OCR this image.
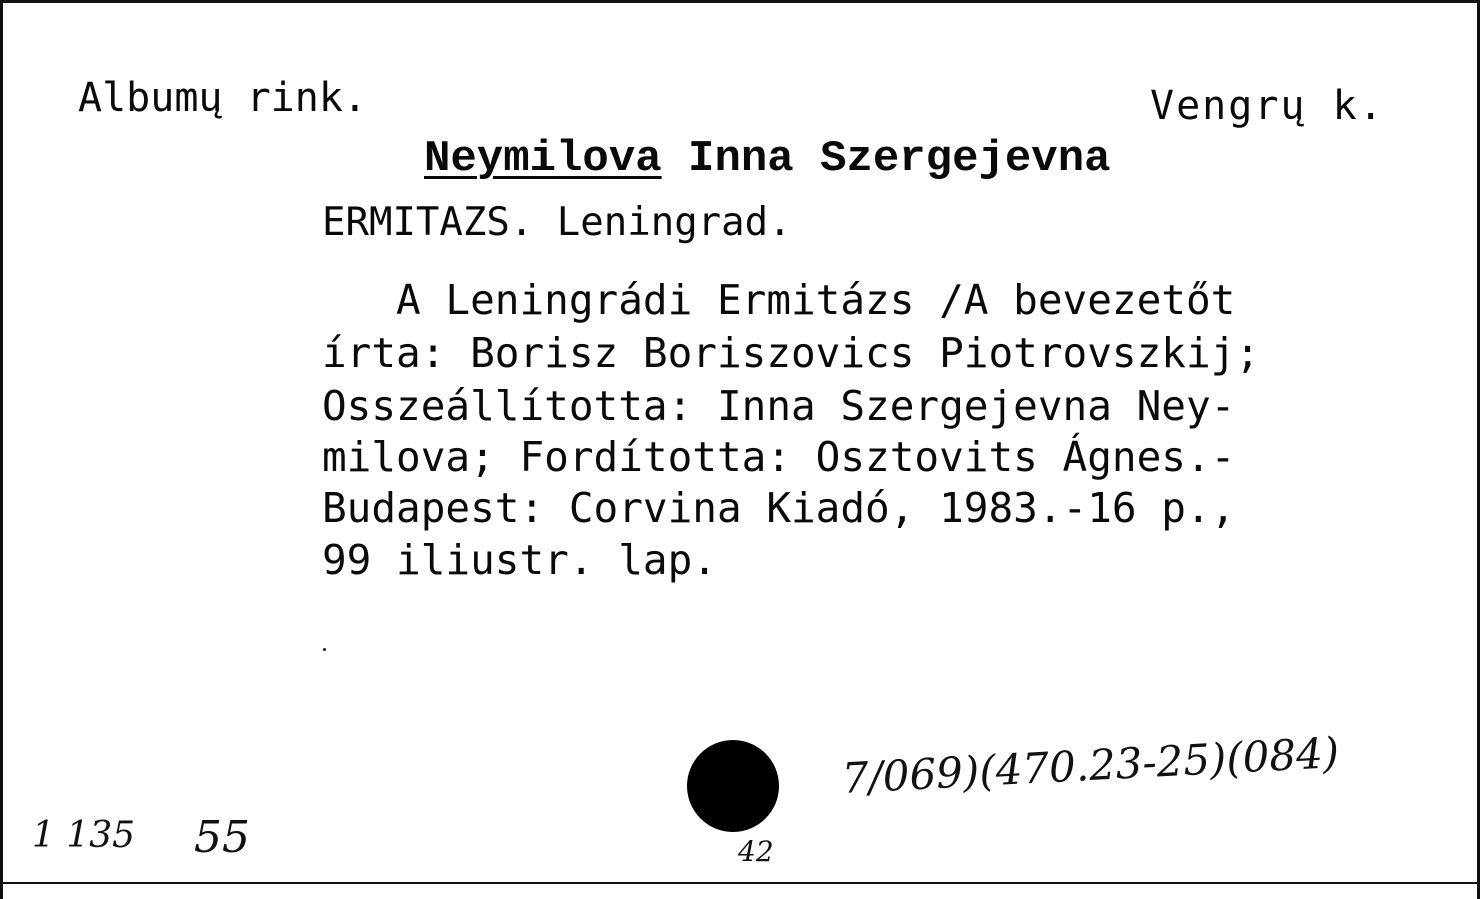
Albumų rink.	Vengrų k.
Neymilova Inna Szergejevna
ERMITAZS. Leningrad.
A Leningrádi Ermitázs /A bevezetőt
írta: Borisz Boriszovics Piotrovszkij;
Osszeállította: Inna Szergejevna Ney-
milova; Fordította: Osztovits Ágnes.-
Budapest: Corvina Kiadó, 1983.-16 p.,
99 iliustr. lap.
7/069)(470.23-25)(084)
1 135 55	42
